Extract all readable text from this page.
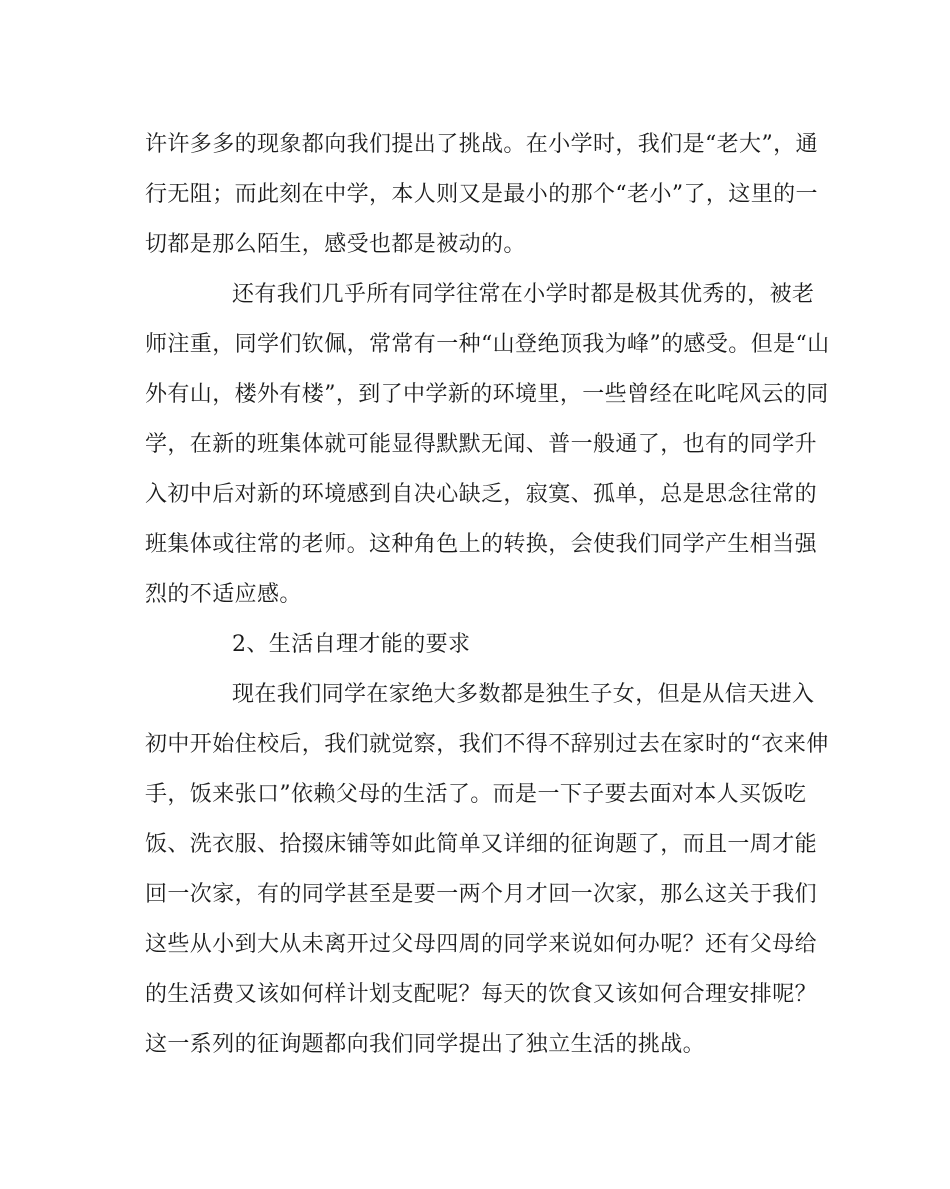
许许多多的现象都向我们提出了挑战。在小学时，我们是“老大”，通
行无阻；而此刻在中学，本人则又是最小的那个“老小”了，这里的一
切都是那么陌生，感受也都是被动的。
还有我们几乎所有同学往常在小学时都是极其优秀的，被老
师注重，同学们钦佩，常常有一种“山登绝顶我为峰”的感受。但是“山
外有山，楼外有楼”，到了中学新的环境里，一些曾经在叱咤风云的同
学，在新的班集体就可能显得默默无闻、普一般通了，也有的同学升
入初中后对新的环境感到自决心缺乏，寂寞、孤单，总是思念往常的
班集体或往常的老师。这种角色上的转换，会使我们同学产生相当强
烈的不适应感。
2、生活自理才能的要求
现在我们同学在家绝大多数都是独生子女，但是从信天进入
初中开始住校后，我们就觉察，我们不得不辞别过去在家时的“衣来伸
手，饭来张口”依赖父母的生活了。而是一下子要去面对本人买饭吃
饭、洗衣服、拾掇床铺等如此简单又详细的征询题了，而且一周才能
回一次家，有的同学甚至是要一两个月才回一次家，那么这关于我们
这些从小到大从未离开过父母四周的同学来说如何办呢？还有父母给
的生活费又该如何样计划支配呢？每天的饮食又该如何合理安排呢？
这一系列的征询题都向我们同学提出了独立生活的挑战。
